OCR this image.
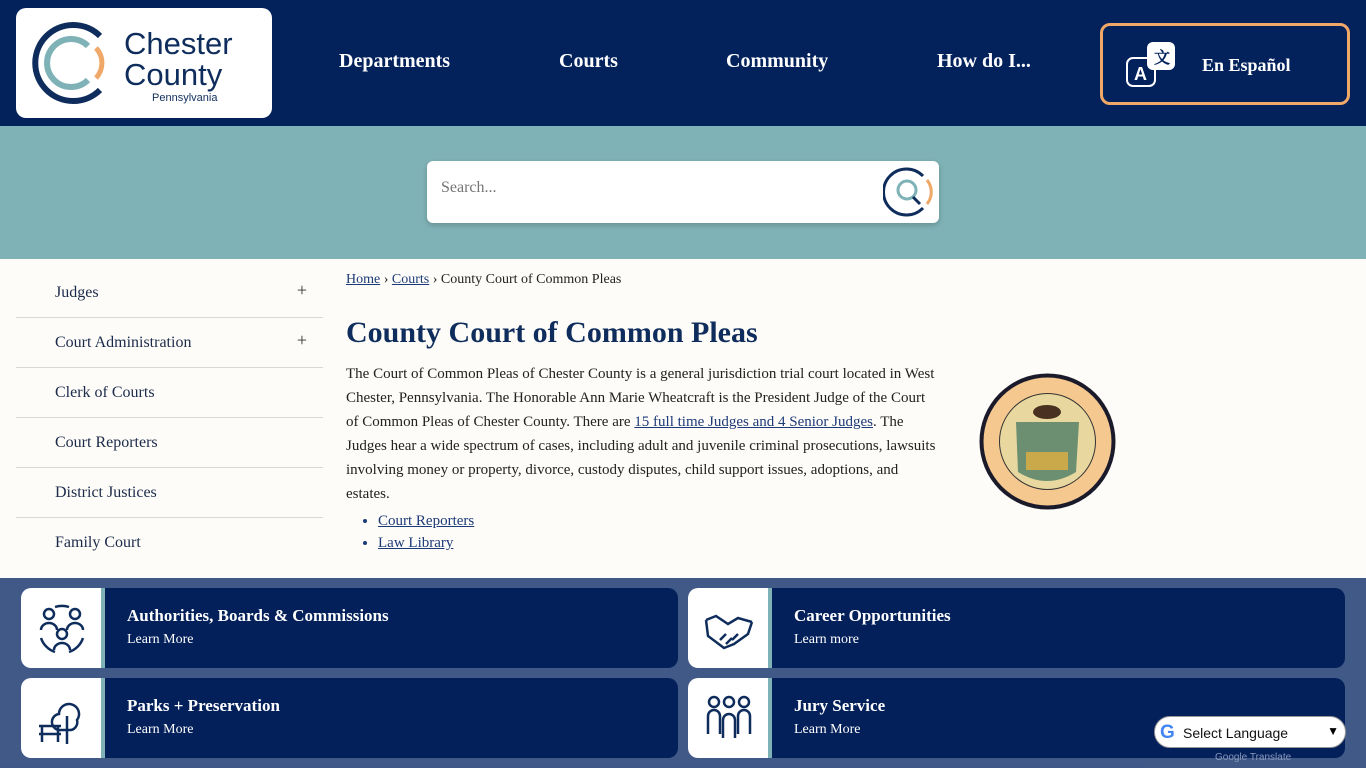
Chester
County
Pennsylvania
Departments	Courts	Community	How do I...
A
文 En Español
Search...
Judges	+
Court Administration	+
Clerk of Courts
Court Reporters
District Justices
Family Court
Home › Courts › County Court of Common Pleas
County Court of Common Pleas

The Court of Common Pleas of Chester County is a general jurisdiction trial court located in West Chester, Pennsylvania. The Honorable Ann Marie Wheatcraft is the President Judge of the Court of Common Pleas of Chester County. There are 15 full time Judges and 4 Senior Judges. The Judges hear a wide spectrum of cases, including adult and juvenile criminal prosecutions, lawsuits involving money or property, divorce, custody disputes, child support issues, adoptions, and estates.

• Court Reporters
• Law Library
Authorities, Boards & Commissions
Learn More
Career Opportunities
Learn more
Parks + Preservation
Learn More
Jury Service
Learn More	G Select Language	▼
Google Translate
